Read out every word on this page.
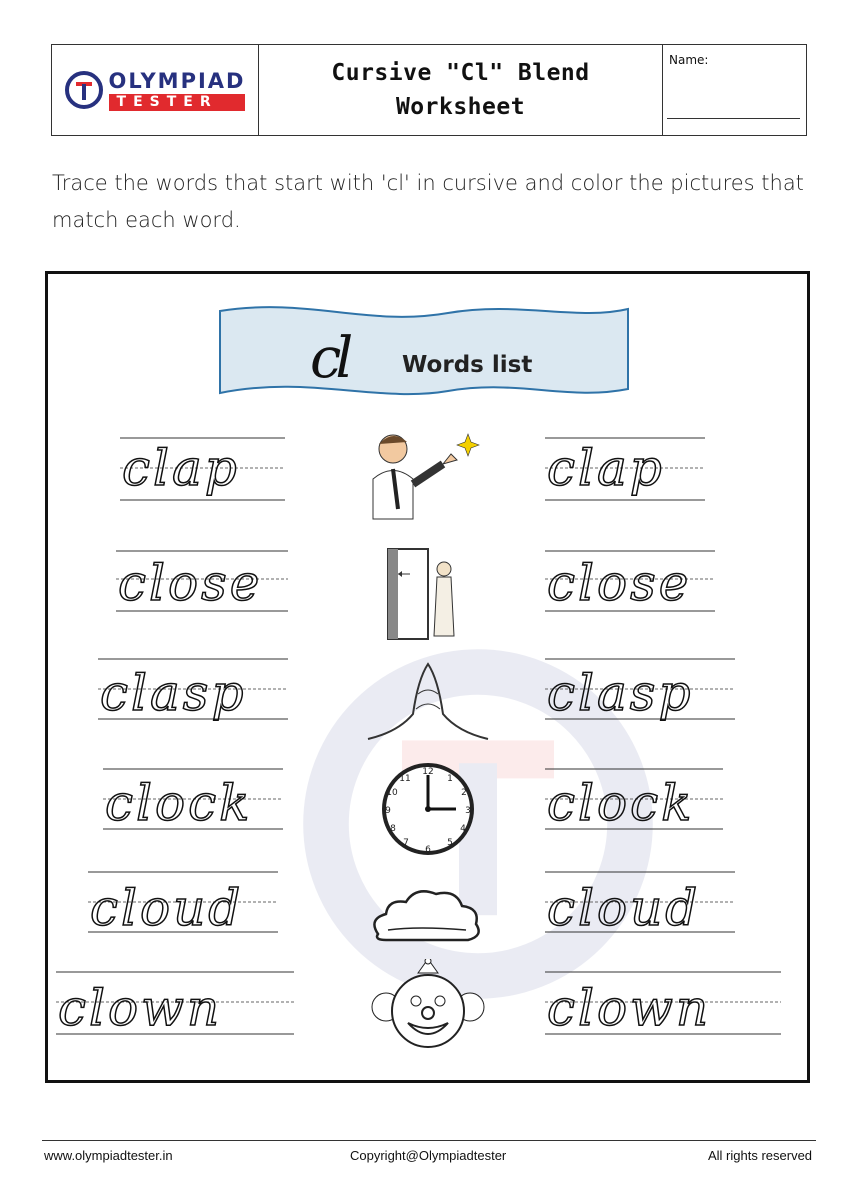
OLYMPIAD
TESTER
Cursive "Cl" Blend
Worksheet
Name:
Trace the words that start with 'cl' in cursive and color the pictures that match each word.
cl Words list
clap	clap
close	close
clasp	clasp
clock
12
1
2
3
4
5
6
7
8
9
10
11	clock
cloud	cloud
clown	clown
www.olympiadtester.in	Copyright@Olympiadtester	All rights reserved
